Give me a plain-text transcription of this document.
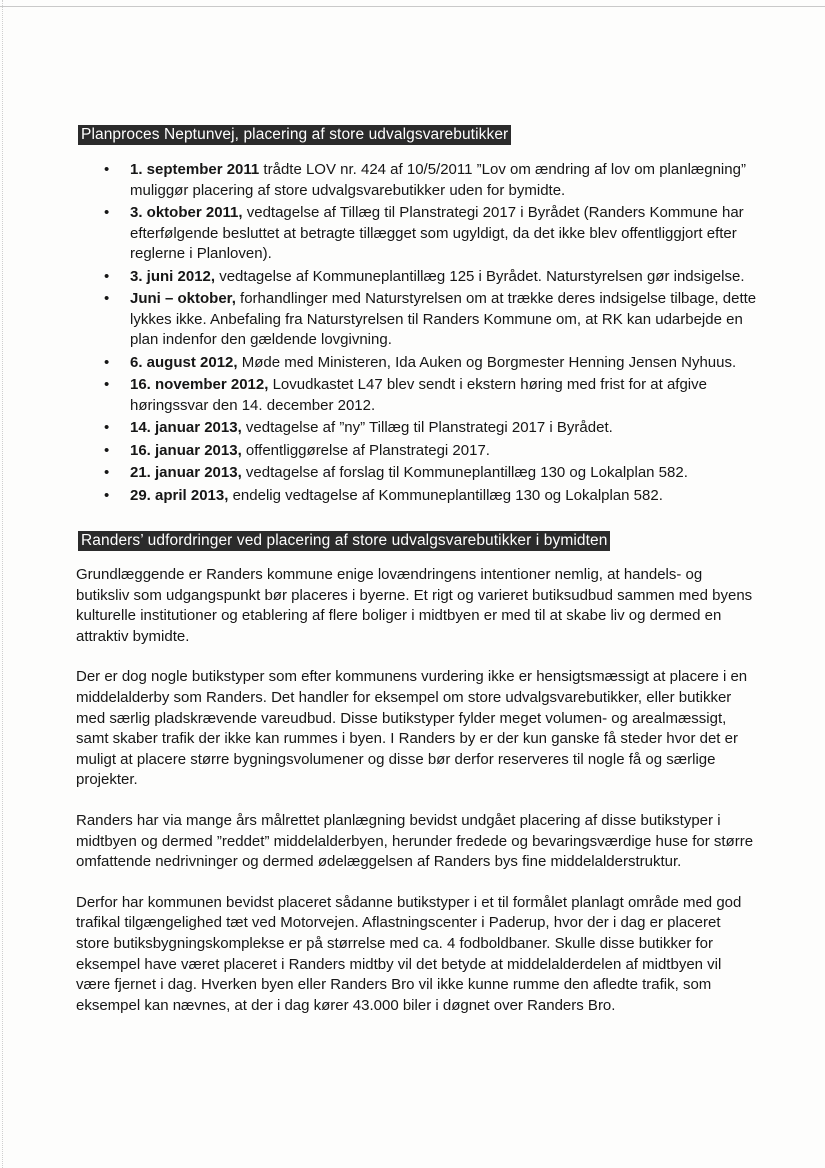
Planproces Neptunvej, placering af store udvalgsvarebutikker
• 1. september 2011 trådte LOV nr. 424 af 10/5/2011 ”Lov om ændring af lov om planlægning” muliggør placering af store udvalgsvarebutikker uden for bymidte.
• 3. oktober 2011, vedtagelse af Tillæg til Planstrategi 2017 i Byrådet (Randers Kommune har efterfølgende besluttet at betragte tillægget som ugyldigt, da det ikke blev offentliggjort efter reglerne i Planloven).
• 3. juni 2012, vedtagelse af Kommuneplantillæg 125 i Byrådet. Naturstyrelsen gør indsigelse.
• Juni – oktober, forhandlinger med Naturstyrelsen om at trække deres indsigelse tilbage, dette lykkes ikke. Anbefaling fra Naturstyrelsen til Randers Kommune om, at RK kan udarbejde en plan indenfor den gældende lovgivning.
• 6. august 2012, Møde med Ministeren, Ida Auken og Borgmester Henning Jensen Nyhuus.
• 16. november 2012, Lovudkastet L47 blev sendt i ekstern høring med frist for at afgive høringssvar den 14. december 2012.
• 14. januar 2013, vedtagelse af ”ny” Tillæg til Planstrategi 2017 i Byrådet.
• 16. januar 2013, offentliggørelse af Planstrategi 2017.
• 21. januar 2013, vedtagelse af forslag til Kommuneplantillæg 130 og Lokalplan 582.
• 29. april 2013, endelig vedtagelse af Kommuneplantillæg 130 og Lokalplan 582.
Randers’ udfordringer ved placering af store udvalgsvarebutikker i bymidten

Grundlæggende er Randers kommune enige lovændringens intentioner nemlig, at handels- og butiksliv som udgangspunkt bør placeres i byerne. Et rigt og varieret butiksudbud sammen med byens kulturelle institutioner og etablering af flere boliger i midtbyen er med til at skabe liv og dermed en attraktiv bymidte.

Der er dog nogle butikstyper som efter kommunens vurdering ikke er hensigtsmæssigt at placere i en middelalderby som Randers. Det handler for eksempel om store udvalgsvarebutikker, eller butikker med særlig pladskrævende vareudbud. Disse butikstyper fylder meget volumen- og arealmæssigt, samt skaber trafik der ikke kan rummes i byen. I Randers by er der kun ganske få steder hvor det er muligt at placere større bygningsvolumener og disse bør derfor reserveres til nogle få og særlige projekter.

Randers har via mange års målrettet planlægning bevidst undgået placering af disse butikstyper i midtbyen og dermed ”reddet” middelalderbyen, herunder fredede og bevaringsværdige huse for større omfattende nedrivninger og dermed ødelæggelsen af Randers bys fine middelalderstruktur.

Derfor har kommunen bevidst placeret sådanne butikstyper i et til formålet planlagt område med god trafikal tilgængelighed tæt ved Motorvejen. Aflastningscenter i Paderup, hvor der i dag er placeret store butiksbygningskomplekse er på størrelse med ca. 4 fodboldbaner. Skulle disse butikker for eksempel have været placeret i Randers midtby vil det betyde at middelalderdelen af midtbyen vil være fjernet i dag. Hverken byen eller Randers Bro vil ikke kunne rumme den afledte trafik, som eksempel kan nævnes, at der i dag kører 43.000 biler i døgnet over Randers Bro.
